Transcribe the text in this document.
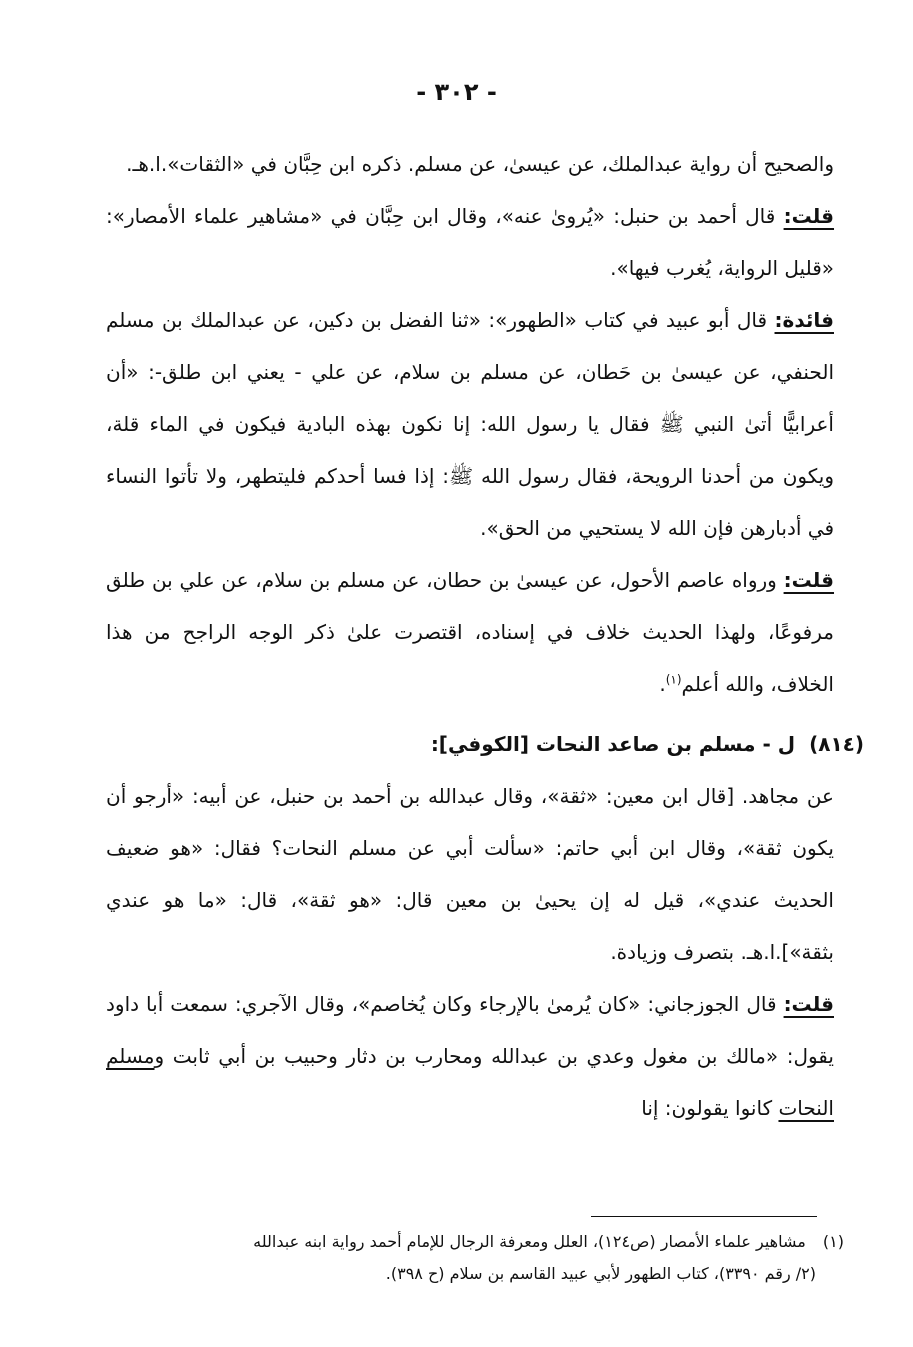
- ٣٠٢ -

والصحيح أن رواية عبدالملك، عن عيسىٰ، عن مسلم. ذكره ابن حِبَّان في «الثقات».ا.هـ.

قلت: قال أحمد بن حنبل: «يُروىٰ عنه»، وقال ابن حِبَّان في «مشاهير علماء الأمصار»: «قليل الرواية، يُغرب فيها».

فائدة: قال أبو عبيد في كتاب «الطهور»: «ثنا الفضل بن دكين، عن عبدالملك بن مسلم الحنفي، عن عيسىٰ بن حَطان، عن مسلم بن سلام، عن علي - يعني ابن طلق-: «أن أعرابيًّا أتىٰ النبي ﷺ فقال يا رسول الله: إنا نكون بهذه البادية فيكون في الماء قلة، ويكون من أحدنا الرويحة، فقال رسول الله ﷺ: إذا فسا أحدكم فليتطهر، ولا تأتوا النساء في أدبارهن فإن الله لا يستحيي من الحق».

قلت: ورواه عاصم الأحول، عن عيسىٰ بن حطان، عن مسلم بن سلام، عن علي بن طلق مرفوعًا، ولهذا الحديث خلاف في إسناده، اقتصرت علىٰ ذكر الوجه الراجح من هذا الخلاف، والله أعلم$^{(١)}$.

(٨١٤)
ل - مسلم بن صاعد النحات [الكوفي]:

عن مجاهد. [قال ابن معين: «ثقة»، وقال عبدالله بن أحمد بن حنبل، عن أبيه: «أرجو أن يكون ثقة»، وقال ابن أبي حاتم: «سألت أبي عن مسلم النحات؟ فقال: «هو ضعيف الحديث عندي»، قيل له إن يحيىٰ بن معين قال: «هو ثقة»، قال: «ما هو عندي بثقة»].ا.هـ. بتصرف وزيادة.

قلت: قال الجوزجاني: «كان يُرمىٰ بالإرجاء وكان يُخاصم»، وقال الآجري: سمعت أبا داود يقول: «مالك بن مغول وعدي بن عبدالله ومحارب بن دثار وحبيب بن أبي ثابت ومسلم النحات كانوا يقولون: إنا

(١) مشاهير علماء الأمصار (ص١٢٤)، العلل ومعرفة الرجال للإمام أحمد رواية ابنه عبدالله

(٢/ رقم ٣٣٩٠)، كتاب الطهور لأبي عبيد القاسم بن سلام (ح ٣٩٨).
